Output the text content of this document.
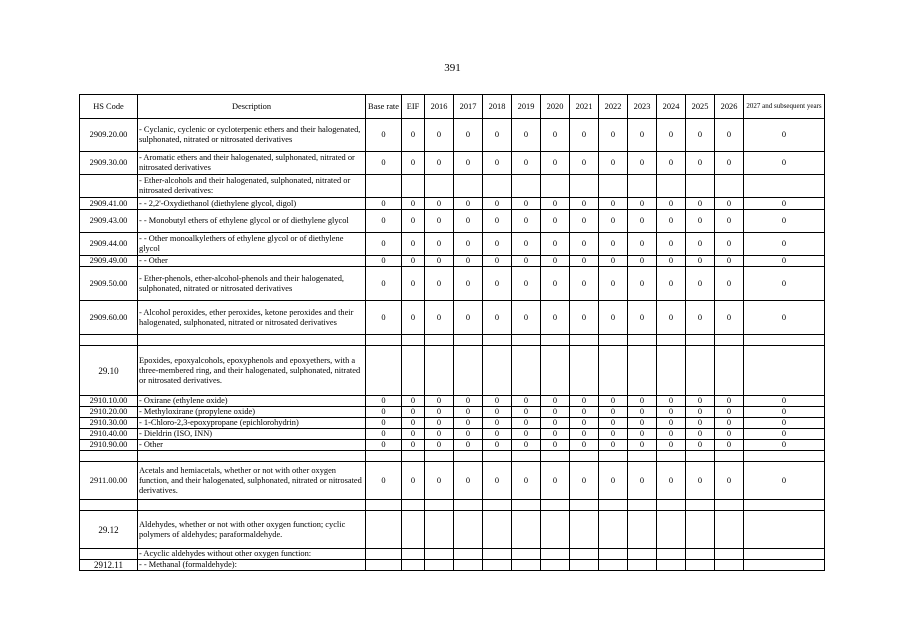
391
HS Code	Description	Base rate	EIF	2016	2017	2018	2019	2020	2021	2022	2023	2024	2025	2026	2027 and subsequent years
2909.20.00	- Cyclanic, cyclenic or cycloterpenic ethers and their halogenated, sulphonated, nitrated or nitrosated derivatives	0	0	0	0	0	0	0	0	0	0	0	0	0	0
2909.30.00	- Aromatic ethers and their halogenated, sulphonated, nitrated or nitrosated derivatives	0	0	0	0	0	0	0	0	0	0	0	0	0	0
	- Ether-alcohols and their halogenated, sulphonated, nitrated or nitrosated derivatives:														
2909.41.00	- - 2,2'-Oxydiethanol (diethylene glycol, digol)	0	0	0	0	0	0	0	0	0	0	0	0	0	0
2909.43.00	- - Monobutyl ethers of ethylene glycol or of diethylene glycol	0	0	0	0	0	0	0	0	0	0	0	0	0	0
2909.44.00	- - Other monoalkylethers of ethylene glycol or of diethylene glycol	0	0	0	0	0	0	0	0	0	0	0	0	0	0
2909.49.00	- - Other	0	0	0	0	0	0	0	0	0	0	0	0	0	0
2909.50.00	- Ether-phenols, ether-alcohol-phenols and their halogenated, sulphonated, nitrated or nitrosated derivatives	0	0	0	0	0	0	0	0	0	0	0	0	0	0
2909.60.00	- Alcohol peroxides, ether peroxides, ketone peroxides and their halogenated, sulphonated, nitrated or nitrosated derivatives	0	0	0	0	0	0	0	0	0	0	0	0	0	0

29.10	Epoxides, epoxyalcohols, epoxyphenols and epoxyethers, with a three-membered ring, and their halogenated, sulphonated, nitrated or nitrosated derivatives.														
2910.10.00	- Oxirane (ethylene oxide)	0	0	0	0	0	0	0	0	0	0	0	0	0	0
2910.20.00	- Methyloxirane (propylene oxide)	0	0	0	0	0	0	0	0	0	0	0	0	0	0
2910.30.00	- 1-Chloro-2,3-epoxypropane (epichlorohydrin)	0	0	0	0	0	0	0	0	0	0	0	0	0	0
2910.40.00	- Dieldrin (ISO, INN)	0	0	0	0	0	0	0	0	0	0	0	0	0	0
2910.90.00	- Other	0	0	0	0	0	0	0	0	0	0	0	0	0	0

2911.00.00	Acetals and hemiacetals, whether or not with other oxygen function, and their halogenated, sulphonated, nitrated or nitrosated derivatives.	0	0	0	0	0	0	0	0	0	0	0	0	0	0

29.12	Aldehydes, whether or not with other oxygen function; cyclic polymers of aldehydes; paraformaldehyde.														
	- Acyclic aldehydes without other oxygen function:														
2912.11	- - Methanal (formaldehyde):														
